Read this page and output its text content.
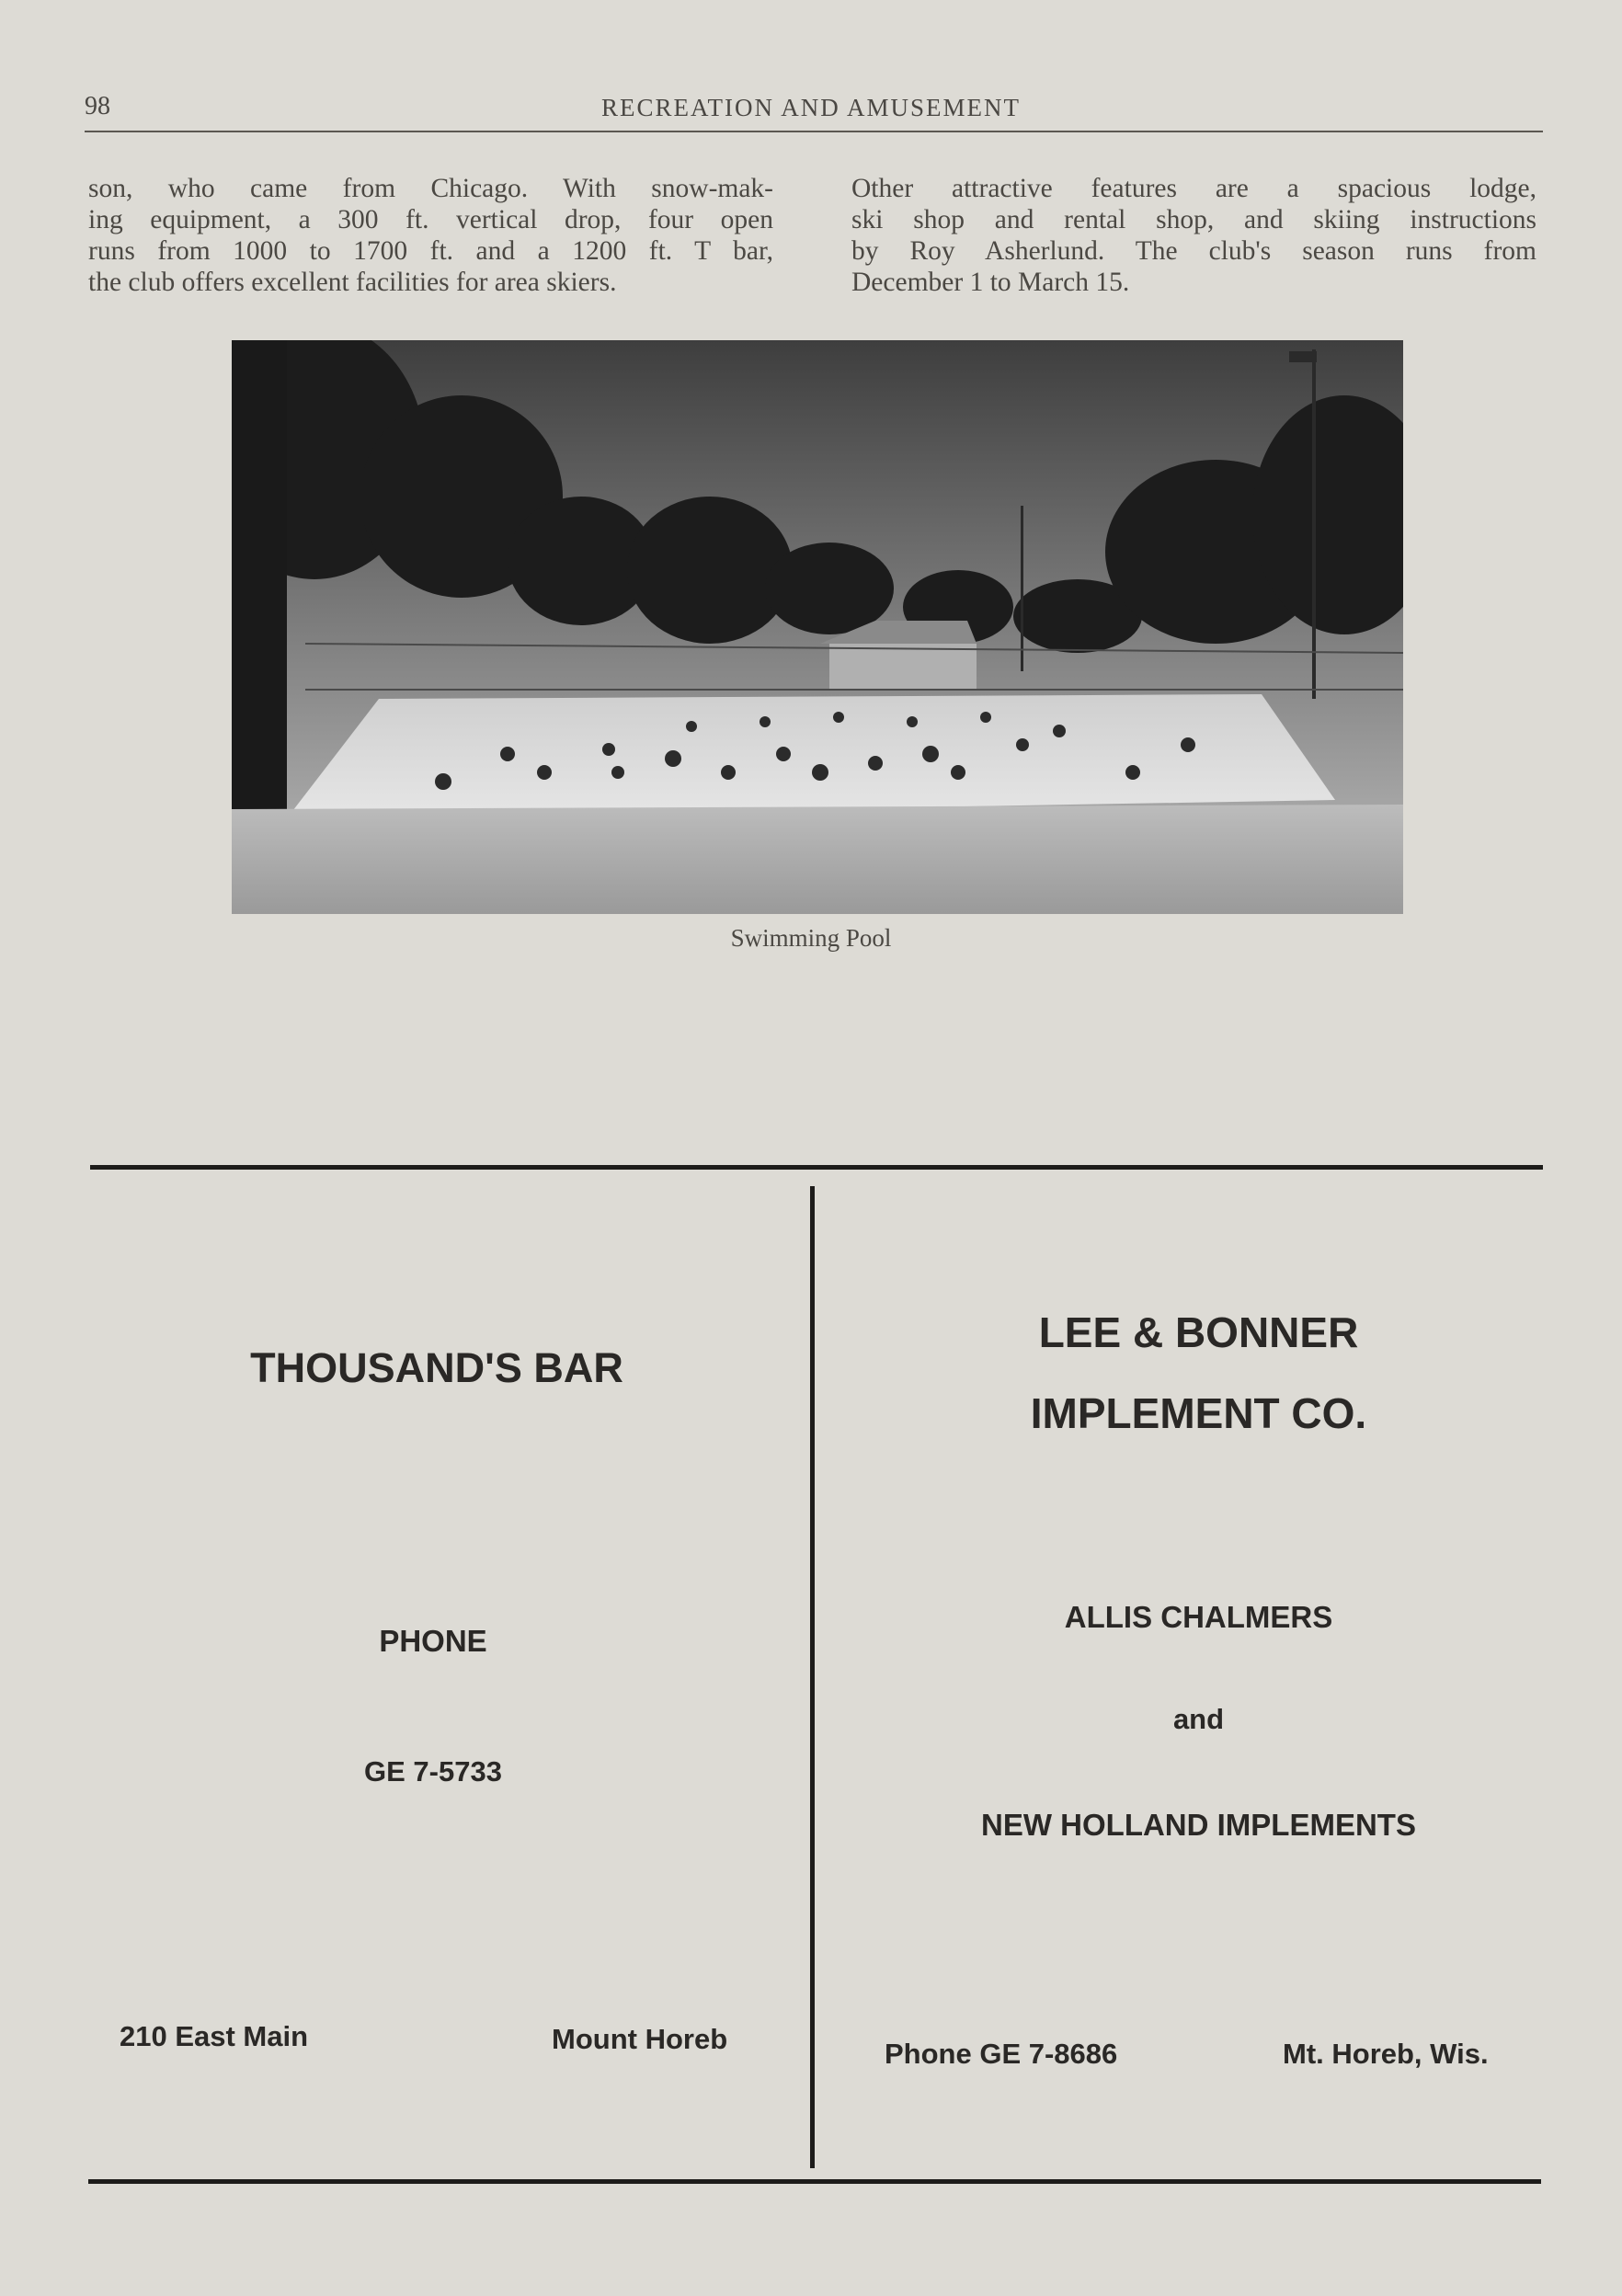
98	RECREATION AND AMUSEMENT
son, who came from Chicago. With snow-mak-
ing equipment, a 300 ft. vertical drop, four open
runs from 1000 to 1700 ft. and a 1200 ft. T bar,
the club offers excellent facilities for area skiers.
Other attractive features are a spacious lodge,
ski shop and rental shop, and skiing instructions
by Roy Asherlund. The club's season runs from
December 1 to March 15.
Swimming Pool
THOUSAND'S BAR
PHONE
GE 7-5733
210 East Main	Mount Horeb
LEE & BONNER
IMPLEMENT CO.
ALLIS CHALMERS
and
NEW HOLLAND IMPLEMENTS
Phone GE 7-8686	Mt. Horeb, Wis.
